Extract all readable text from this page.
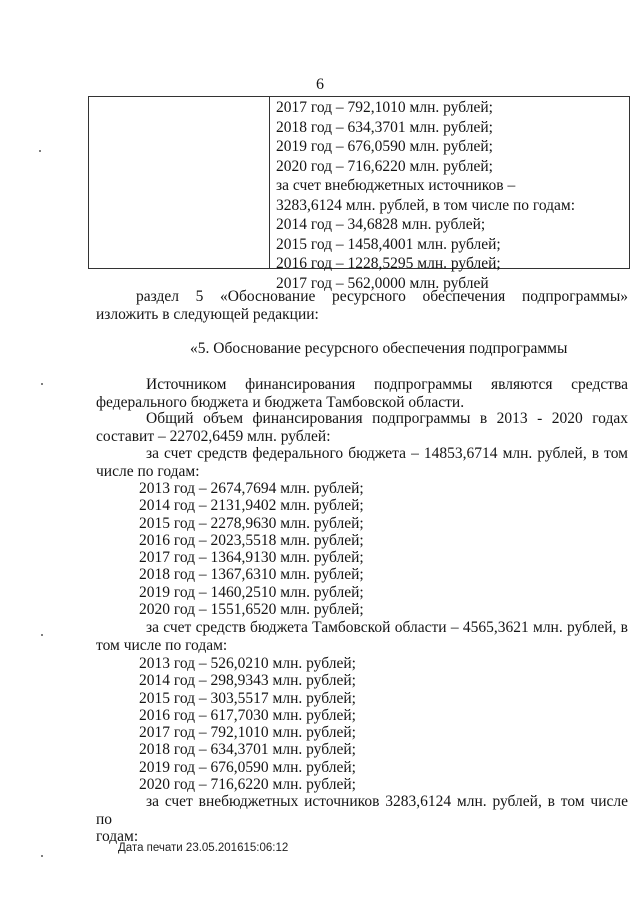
6
2017 год – 792,1010 млн. рублей;
2018 год – 634,3701 млн. рублей;
2019 год – 676,0590 млн. рублей;
2020 год – 716,6220 млн. рублей;
за счет внебюджетных источников –
3283,6124 млн. рублей, в том числе по годам:
2014 год – 34,6828 млн. рублей;
2015 год – 1458,4001 млн. рублей;
2016 год – 1228,5295 млн. рублей;
2017 год – 562,0000 млн. рублей
раздел 5 «Обоснование ресурсного обеспечения подпрограммы»
изложить в следующей редакции:
«5. Обоснование ресурсного обеспечения подпрограммы
Источником финансирования подпрограммы являются средства
федерального бюджета и бюджета Тамбовской области.
Общий объем финансирования подпрограммы в 2013 - 2020 годах
составит – 22702,6459 млн. рублей:
за счет средств федерального бюджета – 14853,6714 млн. рублей, в том
числе по годам:
2013 год – 2674,7694 млн. рублей;
2014 год – 2131,9402 млн. рублей;
2015 год – 2278,9630 млн. рублей;
2016 год – 2023,5518 млн. рублей;
2017 год – 1364,9130 млн. рублей;
2018 год – 1367,6310 млн. рублей;
2019 год – 1460,2510 млн. рублей;
2020 год – 1551,6520 млн. рублей;
за счет средств бюджета Тамбовской области – 4565,3621 млн. рублей, в
том числе по годам:
2013 год – 526,0210 млн. рублей;
2014 год – 298,9343 млн. рублей;
2015 год – 303,5517 млн. рублей;
2016 год – 617,7030 млн. рублей;
2017 год – 792,1010 млн. рублей;
2018 год – 634,3701 млн. рублей;
2019 год – 676,0590 млн. рублей;
2020 год – 716,6220 млн. рублей;
за счет внебюджетных источников 3283,6124 млн. рублей, в том числе по
годам:
Дата печати 23.05.201615:06:12
